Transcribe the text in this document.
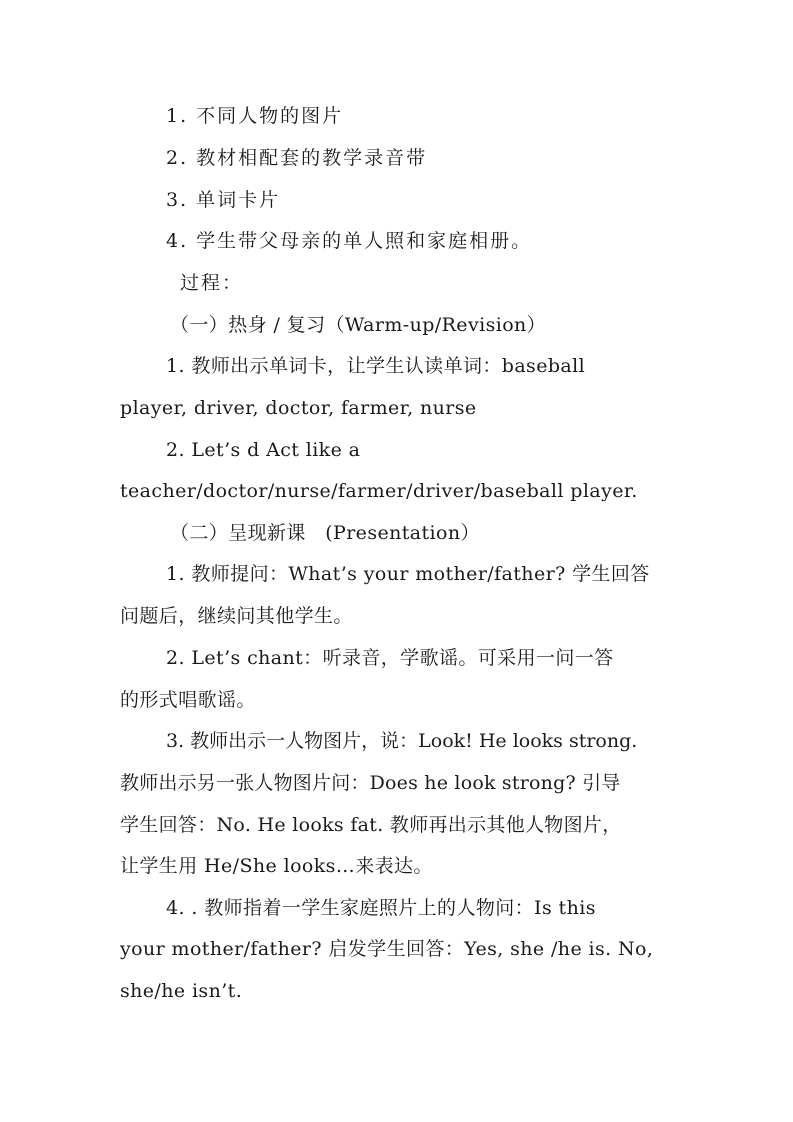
1. 不同人物的图片
2. 教材相配套的教学录音带
3. 单词卡片
4. 学生带父母亲的单人照和家庭相册。
过程：
（一）热身 / 复习（Warm-up/Revision）
1. 教师出示单词卡，让学生认读单词：baseball
player, driver, doctor, farmer, nurse
2. Let’s d Act like a
teacher/doctor/nurse/farmer/driver/baseball player.
（二）呈现新课　(Presentation）
1. 教师提问：What’s your mother/father? 学生回答
问题后，继续问其他学生。
2. Let’s chant：听录音，学歌谣。可采用一问一答
的形式唱歌谣。
3. 教师出示一人物图片，说：Look! He looks strong.
教师出示另一张人物图片问：Does he look strong? 引导
学生回答：No. He looks fat. 教师再出示其他人物图片，
让学生用 He/She looks…来表达。
4. . 教师指着一学生家庭照片上的人物问：Is this
your mother/father? 启发学生回答：Yes, she /he is. No,
she/he isn’t.
